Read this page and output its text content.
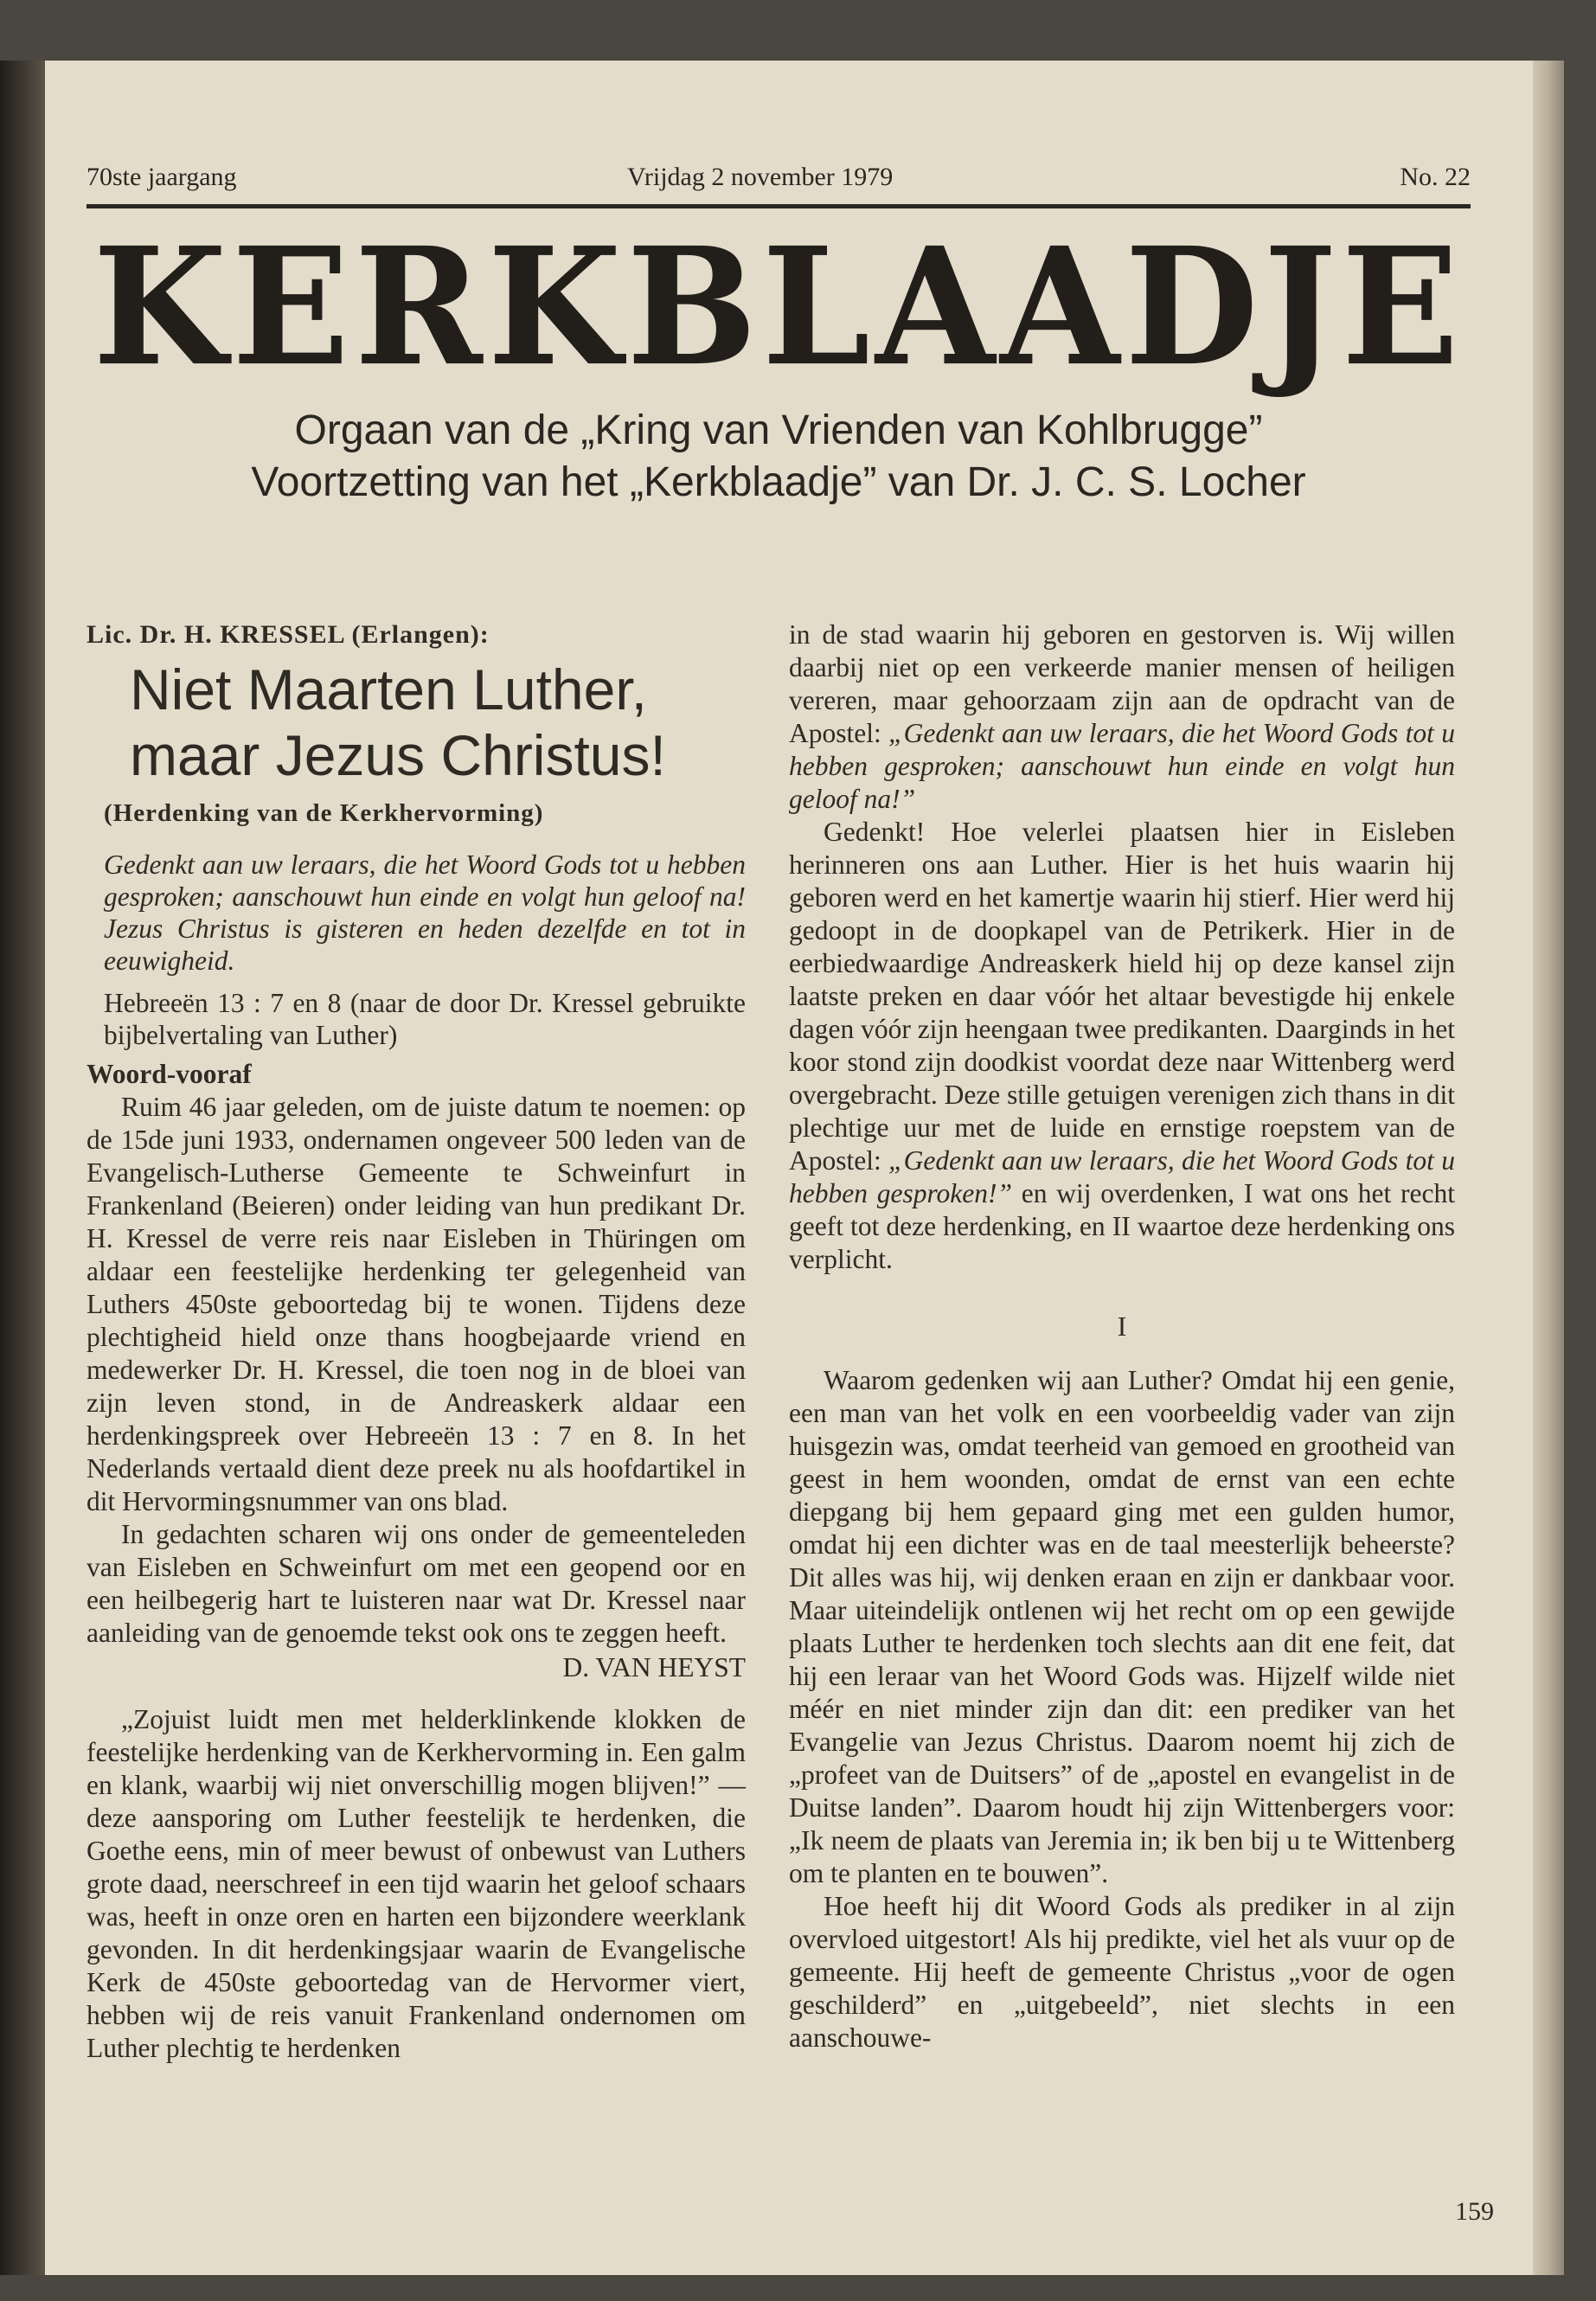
70ste jaargang	Vrijdag 2 november 1979	No. 22
KERKBLAADJE
Orgaan van de „Kring van Vrienden van Kohlbrugge”
Voortzetting van het „Kerkblaadje” van Dr. J. C. S. Locher
Lic. Dr. H. KRESSEL (Erlangen):
Niet Maarten Luther, maar Jezus Christus!
(Herdenking van de Kerkhervorming)
Gedenkt aan uw leraars, die het Woord Gods tot u hebben gesproken; aanschouwt hun einde en volgt hun geloof na! Jezus Christus is gisteren en heden dezelfde en tot in eeuwigheid.
Hebreeën 13 : 7 en 8 (naar de door Dr. Kressel gebruikte bijbelvertaling van Luther)
Woord-vooraf

Ruim 46 jaar geleden, om de juiste datum te noemen: op de 15de juni 1933, ondernamen ongeveer 500 leden van de Evangelisch-Lutherse Gemeente te Schweinfurt in Frankenland (Beieren) onder leiding van hun predikant Dr. H. Kressel de verre reis naar Eisleben in Thüringen om aldaar een feestelijke herdenking ter gelegenheid van Luthers 450ste geboortedag bij te wonen. Tijdens deze plechtigheid hield onze thans hoogbejaarde vriend en medewerker Dr. H. Kressel, die toen nog in de bloei van zijn leven stond, in de Andreaskerk aldaar een herdenkingspreek over Hebreeën 13 : 7 en 8. In het Nederlands vertaald dient deze preek nu als hoofdartikel in dit Hervormingsnummer van ons blad.

In gedachten scharen wij ons onder de gemeenteleden van Eisleben en Schweinfurt om met een geopend oor en een heilbegerig hart te luisteren naar wat Dr. Kressel naar aanleiding van de genoemde tekst ook ons te zeggen heeft.

D. VAN HEYST

„Zojuist luidt men met helderklinkende klokken de feestelijke herdenking van de Kerkhervorming in. Een galm en klank, waarbij wij niet onverschillig mogen blijven!” — deze aansporing om Luther feestelijk te herdenken, die Goethe eens, min of meer bewust of onbewust van Luthers grote daad, neerschreef in een tijd waarin het geloof schaars was, heeft in onze oren en harten een bijzondere weerklank gevonden. In dit herdenkingsjaar waarin de Evangelische Kerk de 450ste geboortedag van de Hervormer viert, hebben wij de reis vanuit Frankenland ondernomen om Luther plechtig te herdenken

in de stad waarin hij geboren en gestorven is. Wij willen daarbij niet op een verkeerde manier mensen of heiligen vereren, maar gehoorzaam zijn aan de opdracht van de Apostel: „Gedenkt aan uw leraars, die het Woord Gods tot u hebben gesproken; aanschouwt hun einde en volgt hun geloof na!”

Gedenkt! Hoe velerlei plaatsen hier in Eisleben herinneren ons aan Luther. Hier is het huis waarin hij geboren werd en het kamertje waarin hij stierf. Hier werd hij gedoopt in de doopkapel van de Petrikerk. Hier in de eerbiedwaardige Andreaskerk hield hij op deze kansel zijn laatste preken en daar vóór het altaar bevestigde hij enkele dagen vóór zijn heengaan twee predikanten. Daarginds in het koor stond zijn doodkist voordat deze naar Wittenberg werd overgebracht. Deze stille getuigen verenigen zich thans in dit plechtige uur met de luide en ernstige roepstem van de Apostel: „Gedenkt aan uw leraars, die het Woord Gods tot u hebben gesproken!” en wij overdenken, I wat ons het recht geeft tot deze herdenking, en II waartoe deze herdenking ons verplicht.

I

Waarom gedenken wij aan Luther? Omdat hij een genie, een man van het volk en een voorbeeldig vader van zijn huisgezin was, omdat teerheid van gemoed en grootheid van geest in hem woonden, omdat de ernst van een echte diepgang bij hem gepaard ging met een gulden humor, omdat hij een dichter was en de taal meesterlijk beheerste? Dit alles was hij, wij denken eraan en zijn er dankbaar voor. Maar uiteindelijk ontlenen wij het recht om op een gewijde plaats Luther te herdenken toch slechts aan dit ene feit, dat hij een leraar van het Woord Gods was. Hijzelf wilde niet méér en niet minder zijn dan dit: een prediker van het Evangelie van Jezus Christus. Daarom noemt hij zich de „profeet van de Duitsers” of de „apostel en evangelist in de Duitse landen”. Daarom houdt hij zijn Wittenbergers voor: „Ik neem de plaats van Jeremia in; ik ben bij u te Wittenberg om te planten en te bouwen”.

Hoe heeft hij dit Woord Gods als prediker in al zijn overvloed uitgestort! Als hij predikte, viel het als vuur op de gemeente. Hij heeft de gemeente Christus „voor de ogen geschilderd” en „uitgebeeld”, niet slechts in een aanschouwe-

159
